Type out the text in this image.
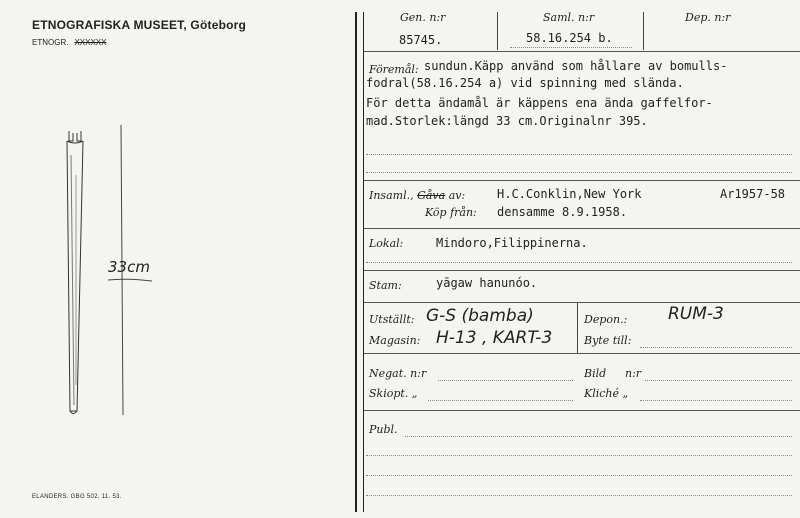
ETNOGRAFISKA MUSEET, Göteborg
ETNOGR. XXXXXX
33cm
ELANDERS. GBG 502. 11. 53.
Gen. n:r	Saml. n:r	Dep. n:r
85745.	58.16.254 b.
Föremål: sundun.Käpp använd som hållare av bomulls-
fodral(58.16.254 a) vid spinning med slända.
För detta ändamål är käppens ena ända gaffelfor-
mad.Storlek:längd 33 cm.Originalnr 395.
Insaml., Gåva av:	H.C.Conklin,New York	Ar1957-58
Köp från: densamme 8.9.1958.
Lokal:	Mindoro,Filippinerna.
Stam:	yāgaw hanunóo.
Utställt: G-S (bamba)	Depon.: RUM-3
Magasin: H-13 , KART-3	Byte till:
Negat. n:r	Bild n:r
Skiopt. „	Kliché „
Publ.
